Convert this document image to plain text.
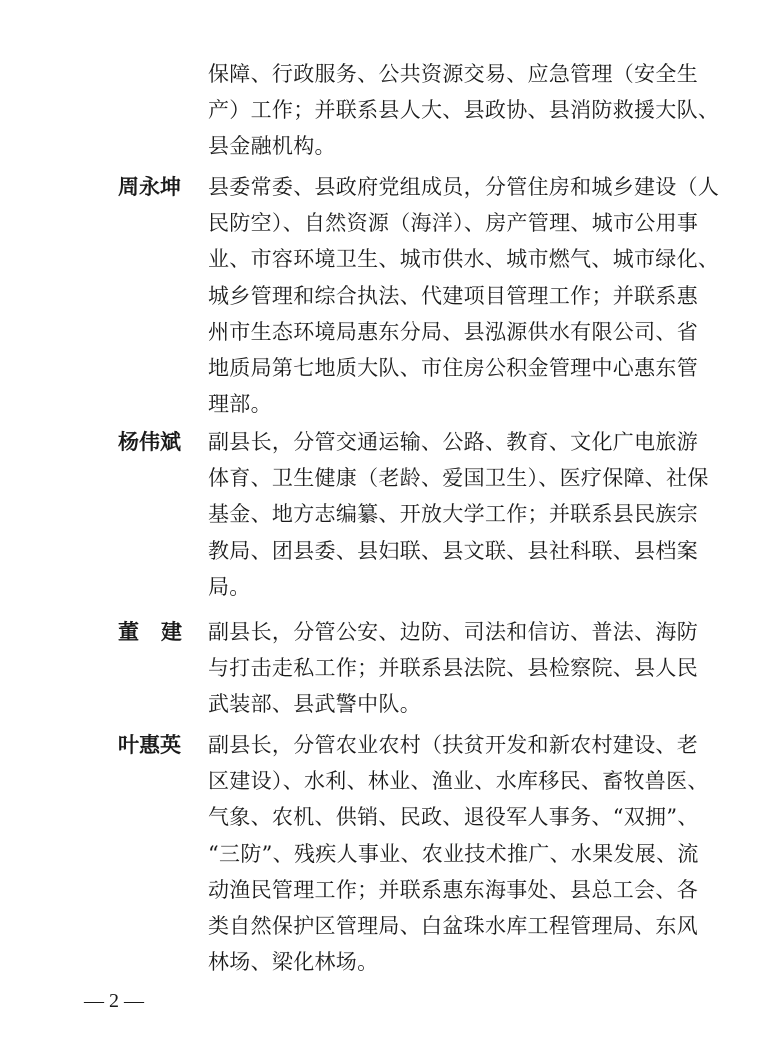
保障、行政服务、公共资源交易、应急管理（安全生
产）工作；并联系县人大、县政协、县消防救援大队、
县金融机构。
周永坤	县委常委、县政府党组成员，分管住房和城乡建设（人
民防空）、自然资源（海洋）、房产管理、城市公用事
业、市容环境卫生、城市供水、城市燃气、城市绿化、
城乡管理和综合执法、代建项目管理工作；并联系惠
州市生态环境局惠东分局、县泓源供水有限公司、省
地质局第七地质大队、市住房公积金管理中心惠东管
理部。
杨伟斌	副县长，分管交通运输、公路、教育、文化广电旅游
体育、卫生健康（老龄、爱国卫生）、医疗保障、社保
基金、地方志编纂、开放大学工作；并联系县民族宗
教局、团县委、县妇联、县文联、县社科联、县档案
局。
董建 副县长，分管公安、边防、司法和信访、普法、海防
与打击走私工作；并联系县法院、县检察院、县人民
武装部、县武警中队。
叶惠英	副县长，分管农业农村（扶贫开发和新农村建设、老
区建设）、水利、林业、渔业、水库移民、畜牧兽医、
气象、农机、供销、民政、退役军人事务、“双拥”、
“三防”、残疾人事业、农业技术推广、水果发展、流
动渔民管理工作；并联系惠东海事处、县总工会、各
类自然保护区管理局、白盆珠水库工程管理局、东风
林场、梁化林场。
— 2 —
